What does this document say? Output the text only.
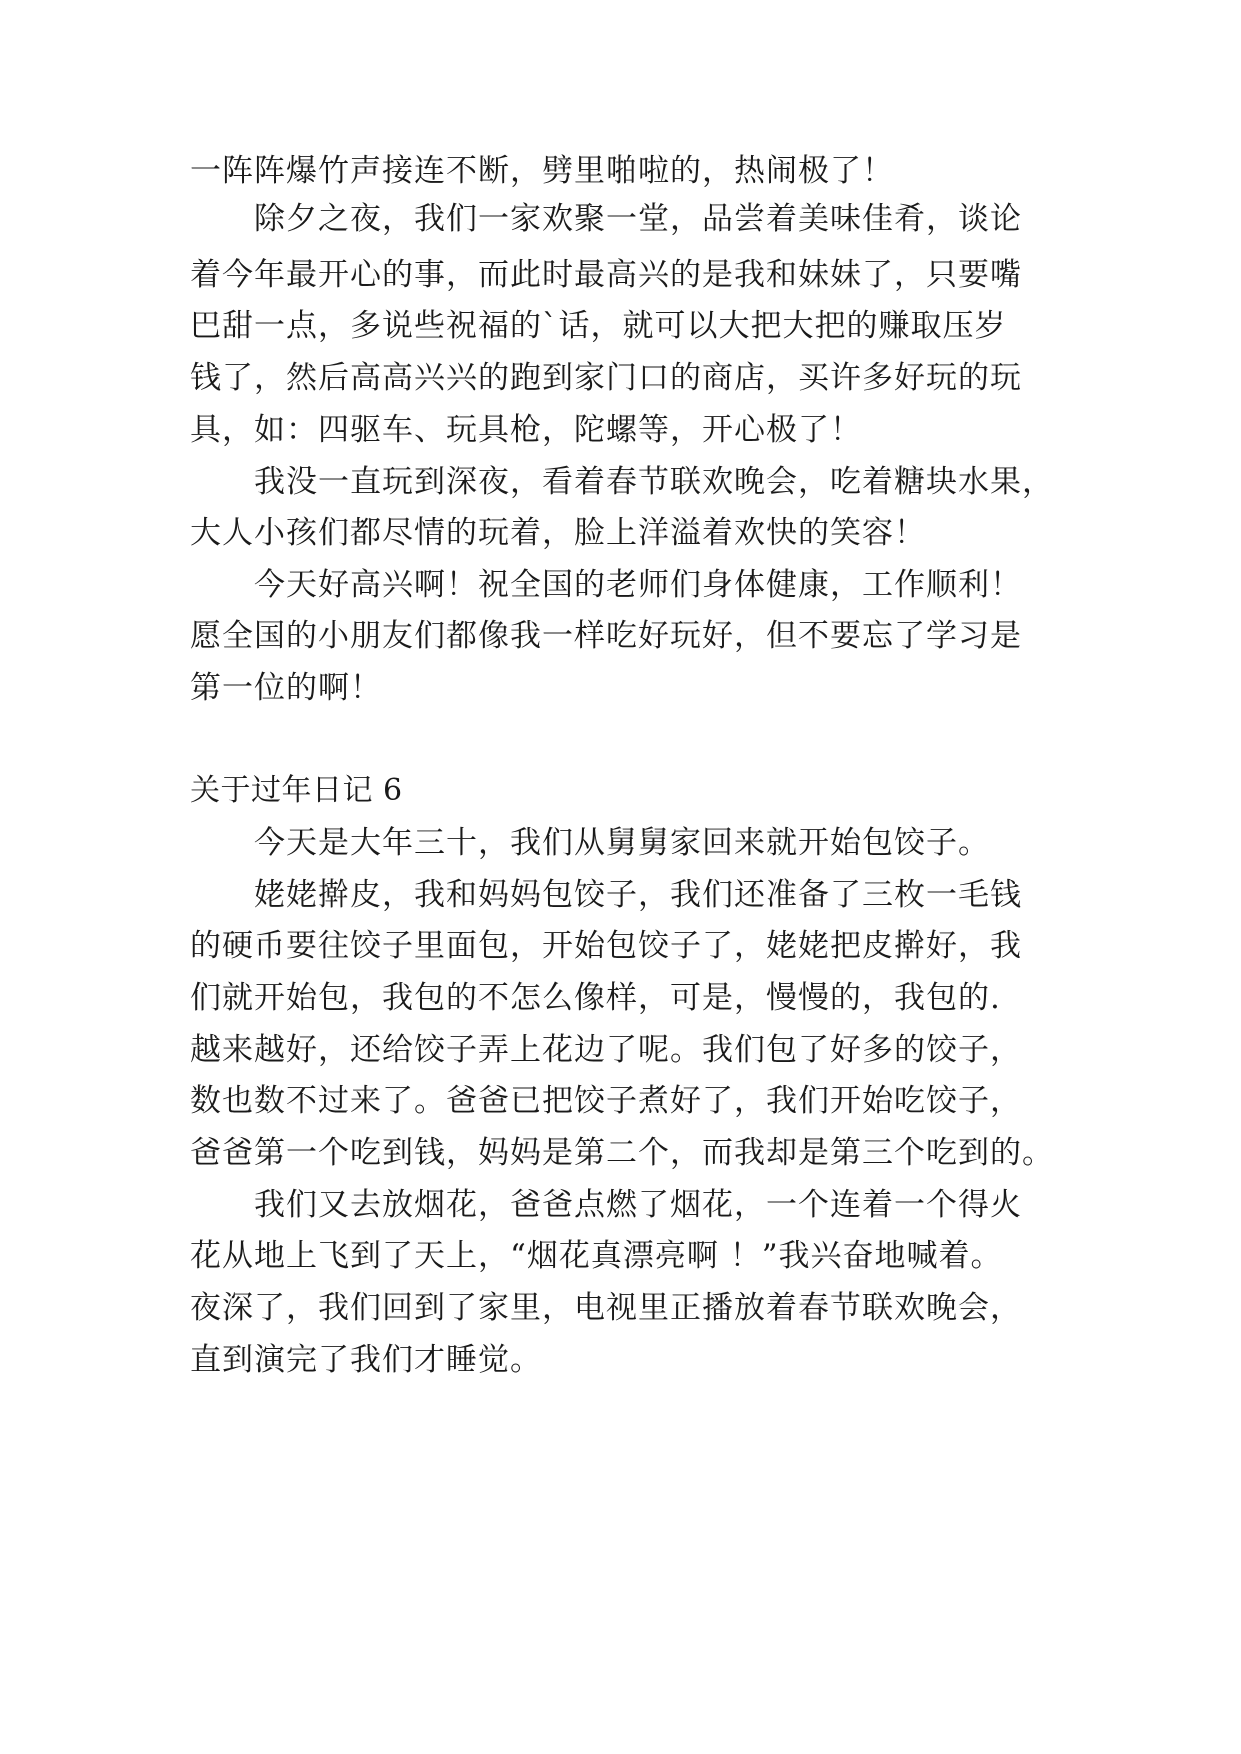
一阵阵爆竹声接连不断，劈里啪啦的，热闹极了！
除夕之夜，我们一家欢聚一堂，品尝着美味佳肴，谈论
着今年最开心的事，而此时最高兴的是我和妹妹了，只要嘴
巴甜一点，多说些祝福的`话，就可以大把大把的赚取压岁
钱了，然后高高兴兴的跑到家门口的商店，买许多好玩的玩
具，如：四驱车、玩具枪，陀螺等，开心极了！
我没一直玩到深夜，看着春节联欢晚会，吃着糖块水果，
大人小孩们都尽情的玩着，脸上洋溢着欢快的笑容！
今天好高兴啊！祝全国的老师们身体健康，工作顺利！
愿全国的小朋友们都像我一样吃好玩好，但不要忘了学习是
第一位的啊！
关于过年日记 6
今天是大年三十，我们从舅舅家回来就开始包饺子。
姥姥擀皮，我和妈妈包饺子，我们还准备了三枚一毛钱
的硬币要往饺子里面包，开始包饺子了，姥姥把皮擀好，我
们就开始包，我包的不怎么像样，可是，慢慢的，我包的.
越来越好，还给饺子弄上花边了呢。我们包了好多的饺子，
数也数不过来了。爸爸已把饺子煮好了，我们开始吃饺子，
爸爸第一个吃到钱，妈妈是第二个，而我却是第三个吃到的。
我们又去放烟花，爸爸点燃了烟花，一个连着一个得火
花从地上飞到了天上，“烟花真漂亮啊 ！”我兴奋地喊着。
夜深了，我们回到了家里，电视里正播放着春节联欢晚会，
直到演完了我们才睡觉。
